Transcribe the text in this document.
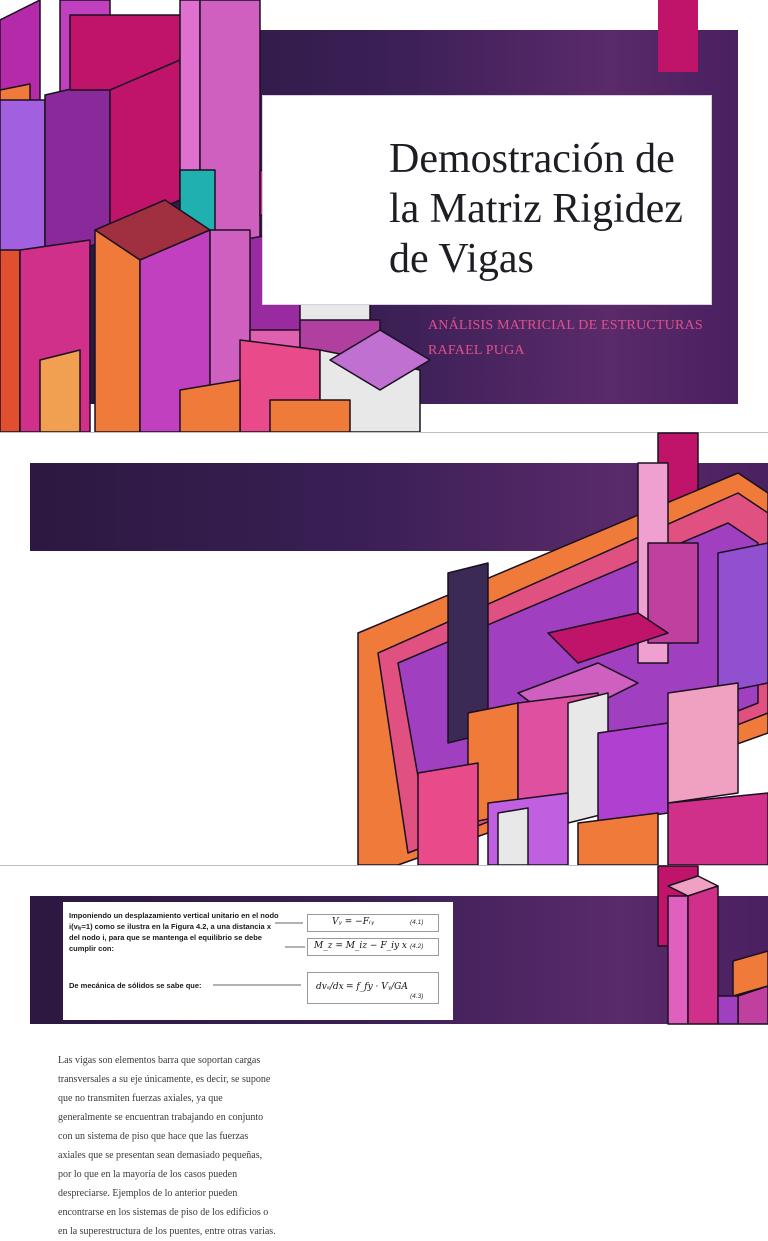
Demostración de
la Matriz Rigidez
de Vigas
ANÁLISIS MATRICIAL DE ESTRUCTURAS
RAFAEL PUGA
Las vigas son elementos barra que soportan cargas
transversales a su eje únicamente, es decir, se supone
que no transmiten fuerzas axiales, ya que
generalmente se encuentran trabajando en conjunto
con un sistema de piso que hace que las fuerzas
axiales que se presentan sean demasiado pequeñas,
por lo que en la mayoría de los casos pueden
despreciarse. Ejemplos de lo anterior pueden
encontrarse en los sistemas de piso de los edificios o
en la superestructura de los puentes, entre otras varias.
Imponiendo un desplazamiento vertical unitario en el nodo
i(vᵢᵧ=1) como se ilustra en la Figura 4.2, a una distancia x
del nodo i, para que se mantenga el equilibrio se debe
cumplir con:
De mecánica de sólidos se sabe que:
Vᵧ = −Fᵢᵧ	(4.1)
M_z = M_iz − F_iy x (4.2)
dvₛ/dx = f_fy · Vᵧ/GA
(4.3)
